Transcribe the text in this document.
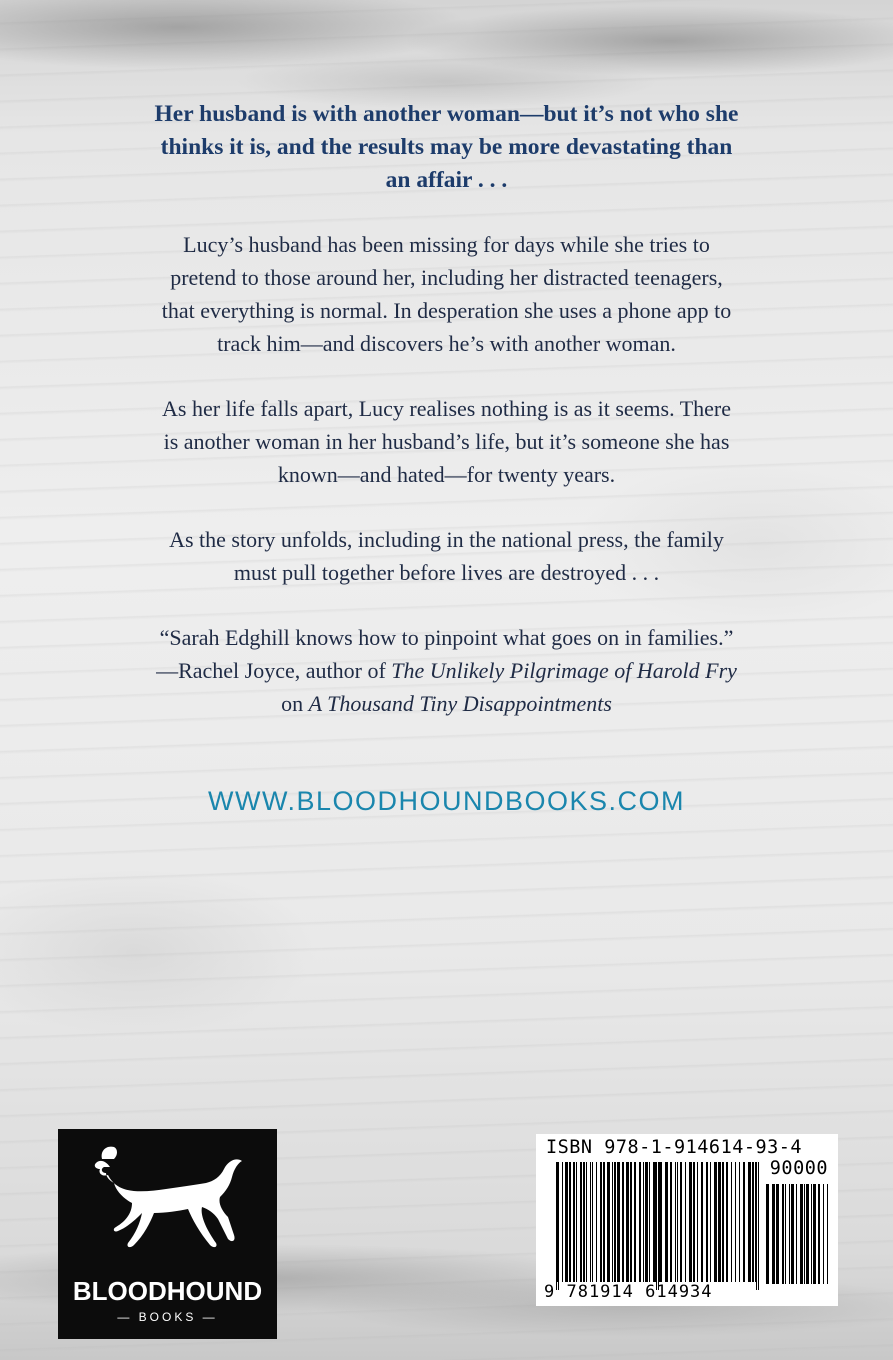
Her husband is with another woman—but it’s not who she
thinks it is, and the results may be more devastating than
an affair . . .
Lucy’s husband has been missing for days while she tries to
pretend to those around her, including her distracted teenagers,
that everything is normal. In desperation she uses a phone app to
track him—and discovers he’s with another woman.
As her life falls apart, Lucy realises nothing is as it seems. There
is another woman in her husband’s life, but it’s someone she has
known—and hated—for twenty years.
As the story unfolds, including in the national press, the family
must pull together before lives are destroyed . . .
“Sarah Edghill knows how to pinpoint what goes on in families.”
—Rachel Joyce, author of The Unlikely Pilgrimage of Harold Fry
on A Thousand Tiny Disappointments
WWW.BLOODHOUNDBOOKS.COM
BLOODHOUND
— BOOKS —
ISBN 978-1-914614-93-4
90000
9 781914 614934
